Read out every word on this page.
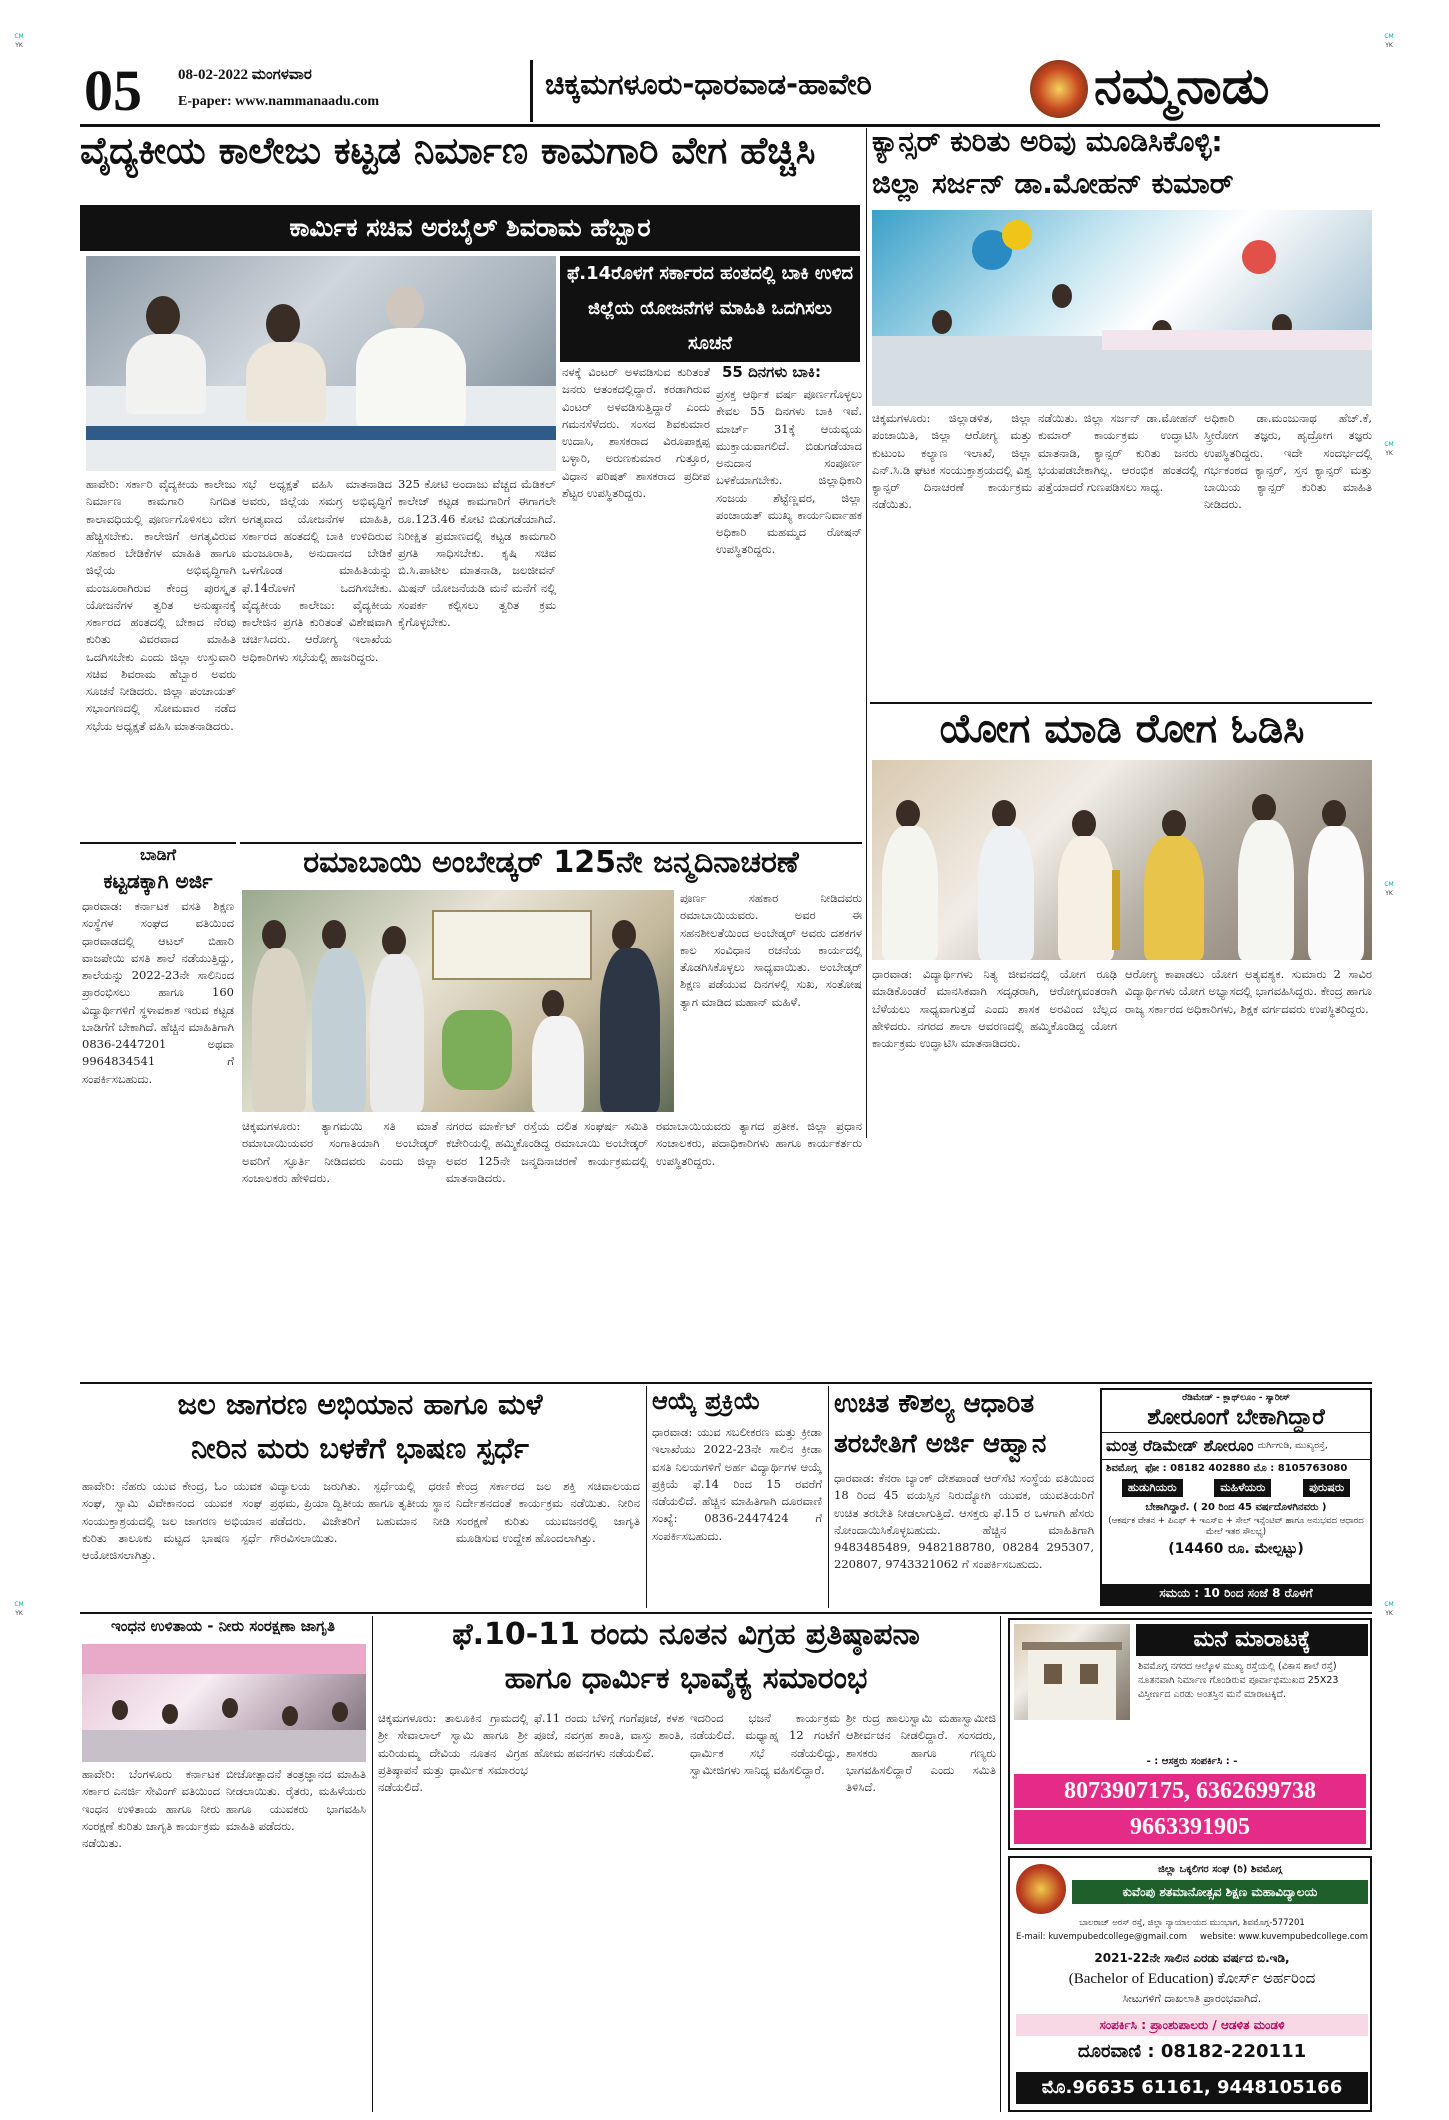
CM
YK
CM
YK
CM
YK
CM
YK
CM
YK
CM
YK
05 08-02-2022 ಮಂಗಳವಾರ
E-paper: www.nammanaadu.com
ಚಿಕ್ಕಮಗಳೂರು-ಧಾರವಾಡ-ಹಾವೇರಿ	ನಮ್ಮನಾಡು
ವೈದ್ಯಕೀಯ ಕಾಲೇಜು ಕಟ್ಟಡ ನಿರ್ಮಾಣ ಕಾಮಗಾರಿ ವೇಗ ಹೆಚ್ಚಿಸಿ
ಕಾರ್ಮಿಕ ಸಚಿವ ಅರಬೈಲ್ ಶಿವರಾಮ ಹೆಬ್ಬಾರ
ಫೆ.14ರೊಳಗೆ ಸರ್ಕಾರದ ಹಂತದಲ್ಲಿ ಬಾಕಿ ಉಳಿದ ಜಿಲ್ಲೆಯ ಯೋಜನೆಗಳ ಮಾಹಿತಿ ಒದಗಿಸಲು ಸೂಚನೆ
ನಳಕ್ಕೆ ವಿಂಟರ್ ಅಳವಡಿಸುವ ಕುರಿತಂತೆ ಜನರು ಆತಂಕದಲ್ಲಿದ್ದಾರೆ. ಕರಡಾಗಿರುವ ವಿಂಟರ್ ಅಳವಡಿಸುತ್ತಿದ್ದಾರೆ ಎಂದು ಗಮನಸೆಳೆದರು. ಸಂಸದ ಶಿವಕುಮಾರ ಉದಾಸಿ, ಶಾಸಕರಾದ ವಿರೂಪಾಕ್ಷಪ್ಪ ಬಳ್ಳಾರಿ, ಅರುಣಕುಮಾರ ಗುತ್ತೂರ, ವಿಧಾನ ಪರಿಷತ್ ಶಾಸಕರಾದ ಪ್ರದೀಪ ಶೆಟ್ಟರ ಉಪಸ್ಥಿತರಿದ್ದರು.
55 ದಿನಗಳು ಬಾಕಿ:
ಪ್ರಸಕ್ತ ಆರ್ಥಿಕ ವರ್ಷ ಪೂರ್ಣಗೊಳ್ಳಲು ಕೇವಲ 55 ದಿನಗಳು ಬಾಕಿ ಇವೆ. ಮಾರ್ಚ್ 31ಕ್ಕೆ ಆಯವ್ಯಯ ಮುಕ್ತಾಯವಾಗಲಿದೆ. ಬಿಡುಗಡೆಯಾದ ಅನುದಾನ ಸಂಪೂರ್ಣ ಬಳಕೆಯಾಗಬೇಕು. ಜಿಲ್ಲಾಧಿಕಾರಿ ಸಂಜಯ ಶೆಟ್ಟೆಣ್ಣವರ, ಜಿಲ್ಲಾ ಪಂಚಾಯತ್ ಮುಖ್ಯ ಕಾರ್ಯನಿರ್ವಾಹಕ ಅಧಿಕಾರಿ ಮಹಮ್ಮದ ರೋಷನ್ ಉಪಸ್ಥಿತರಿದ್ದರು.
ಹಾವೇರಿ: ಸರ್ಕಾರಿ ವೈದ್ಯಕೀಯ ಕಾಲೇಜು ನಿರ್ಮಾಣ ಕಾಮಗಾರಿ ನಿಗದಿತ ಕಾಲಾವಧಿಯಲ್ಲಿ ಪೂರ್ಣಗೊಳಿಸಲು ವೇಗ ಹೆಚ್ಚಿಸಬೇಕು. ಕಾಲೇಜಿಗೆ ಅಗತ್ಯವಿರುವ ಸಹಕಾರ ಬೇಡಿಕೆಗಳ ಮಾಹಿತಿ ಹಾಗೂ ಜಿಲ್ಲೆಯ ಅಭಿವೃದ್ಧಿಗಾಗಿ ಮಂಜೂರಾಗಿರುವ ಕೇಂದ್ರ ಪುರಸ್ಕೃತ ಯೋಜನೆಗಳ ತ್ವರಿತ ಅನುಷ್ಠಾನಕ್ಕೆ ಸರ್ಕಾರದ ಹಂತದಲ್ಲಿ ಬೇಕಾದ ನೆರವು ಕುರಿತು ವಿವರವಾದ ಮಾಹಿತಿ ಒದಗಿಸಬೇಕು ಎಂದು ಜಿಲ್ಲಾ ಉಸ್ತುವಾರಿ ಸಚಿವ ಶಿವರಾಮ ಹೆಬ್ಬಾರ ಅವರು ಸೂಚನೆ ನೀಡಿದರು. ಜಿಲ್ಲಾ ಪಂಚಾಯತ್ ಸಭಾಂಗಣದಲ್ಲಿ ಸೋಮವಾರ ನಡೆದ ಸಭೆಯ ಅಧ್ಯಕ್ಷತೆ ವಹಿಸಿ ಮಾತನಾಡಿದರು.
ಸಭೆ ಅಧ್ಯಕ್ಷತೆ ವಹಿಸಿ ಮಾತನಾಡಿದ ಅವರು, ಜಿಲ್ಲೆಯ ಸಮಗ್ರ ಅಭಿವೃದ್ಧಿಗೆ ಅಗತ್ಯವಾದ ಯೋಜನೆಗಳ ಮಾಹಿತಿ, ಸರ್ಕಾರದ ಹಂತದಲ್ಲಿ ಬಾಕಿ ಉಳಿದಿರುವ ಮಂಜೂರಾತಿ, ಅನುದಾನದ ಬೇಡಿಕೆ ಒಳಗೊಂಡ ಮಾಹಿತಿಯನ್ನು ಫೆ.14ರೊಳಗೆ ಒದಗಿಸಬೇಕು. ವೈದ್ಯಕೀಯ ಕಾಲೇಜು: ವೈದ್ಯಕೀಯ ಕಾಲೇಜಿನ ಪ್ರಗತಿ ಕುರಿತಂತೆ ವಿಶೇಷವಾಗಿ ಚರ್ಚಿಸಿದರು. ಆರೋಗ್ಯ ಇಲಾಖೆಯ ಅಧಿಕಾರಿಗಳು ಸಭೆಯಲ್ಲಿ ಹಾಜರಿದ್ದರು.
325 ಕೋಟಿ ಅಂದಾಜು ವೆಚ್ಚದ ಮೆಡಿಕಲ್ ಕಾಲೇಜ್ ಕಟ್ಟಡ ಕಾಮಗಾರಿಗೆ ಈಗಾಗಲೇ ರೂ.123.46 ಕೋಟಿ ಬಿಡುಗಡೆಯಾಗಿದೆ. ನಿರೀಕ್ಷಿತ ಪ್ರಮಾಣದಲ್ಲಿ ಕಟ್ಟಡ ಕಾಮಗಾರಿ ಪ್ರಗತಿ ಸಾಧಿಸಬೇಕು. ಕೃಷಿ ಸಚಿವ ಬಿ.ಸಿ.ಪಾಟೀಲ ಮಾತನಾಡಿ, ಜಲಜೀವನ್ ಮಿಷನ್ ಯೋಜನೆಯಡಿ ಮನೆ ಮನೆಗೆ ನಲ್ಲಿ ಸಂಪರ್ಕ ಕಲ್ಪಿಸಲು ತ್ವರಿತ ಕ್ರಮ ಕೈಗೊಳ್ಳಬೇಕು.
ಕ್ಯಾನ್ಸರ್ ಕುರಿತು ಅರಿವು ಮೂಡಿಸಿಕೊಳ್ಳಿ:
ಜಿಲ್ಲಾ ಸರ್ಜನ್ ಡಾ.ಮೋಹನ್ ಕುಮಾರ್
ಚಿಕ್ಕಮಗಳೂರು: ಜಿಲ್ಲಾಡಳಿತ, ಜಿಲ್ಲಾ ಪಂಚಾಯಿತಿ, ಜಿಲ್ಲಾ ಆರೋಗ್ಯ ಮತ್ತು ಕುಟುಂಬ ಕಲ್ಯಾಣ ಇಲಾಖೆ, ಜಿಲ್ಲಾ ಎನ್.ಸಿ.ಡಿ ಘಟಕ ಸಂಯುಕ್ತಾಶ್ರಯದಲ್ಲಿ ವಿಶ್ವ ಕ್ಯಾನ್ಸರ್ ದಿನಾಚರಣೆ ಕಾರ್ಯಕ್ರಮ ನಡೆಯಿತು.
ನಡೆಯಿತು. ಜಿಲ್ಲಾ ಸರ್ಜನ್ ಡಾ.ಮೋಹನ್ ಕುಮಾರ್ ಕಾರ್ಯಕ್ರಮ ಉದ್ಘಾಟಿಸಿ ಮಾತನಾಡಿ, ಕ್ಯಾನ್ಸರ್ ಕುರಿತು ಜನರು ಭಯಪಡಬೇಕಾಗಿಲ್ಲ. ಆರಂಭಿಕ ಹಂತದಲ್ಲಿ ಪತ್ತೆಯಾದರೆ ಗುಣಪಡಿಸಲು ಸಾಧ್ಯ.
ಅಧಿಕಾರಿ ಡಾ.ಮಂಜುನಾಥ ಹೆಚ್.ಕೆ, ಸ್ತ್ರೀರೋಗ ತಜ್ಞರು, ಹೃದ್ರೋಗ ತಜ್ಞರು ಉಪಸ್ಥಿತರಿದ್ದರು. ಇದೇ ಸಂದರ್ಭದಲ್ಲಿ ಗರ್ಭಕಂಠದ ಕ್ಯಾನ್ಸರ್, ಸ್ತನ ಕ್ಯಾನ್ಸರ್ ಮತ್ತು ಬಾಯಿಯ ಕ್ಯಾನ್ಸರ್ ಕುರಿತು ಮಾಹಿತಿ ನೀಡಿದರು.
ಯೋಗ ಮಾಡಿ ರೋಗ ಓಡಿಸಿ
ಧಾರವಾಡ: ವಿದ್ಯಾರ್ಥಿಗಳು ನಿತ್ಯ ಜೀವನದಲ್ಲಿ ಯೋಗ ರೂಢಿ ಮಾಡಿಕೊಂಡರೆ ಮಾನಸಿಕವಾಗಿ ಸದೃಢರಾಗಿ, ಆರೋಗ್ಯವಂತರಾಗಿ ಬೆಳೆಯಲು ಸಾಧ್ಯವಾಗುತ್ತದೆ ಎಂದು ಶಾಸಕ ಅರವಿಂದ ಬೆಲ್ಲದ ಹೇಳಿದರು. ನಗರದ ಶಾಲಾ ಆವರಣದಲ್ಲಿ ಹಮ್ಮಿಕೊಂಡಿದ್ದ ಯೋಗ ಕಾರ್ಯಕ್ರಮ ಉದ್ಘಾಟಿಸಿ ಮಾತನಾಡಿದರು.
ಆರೋಗ್ಯ ಕಾಪಾಡಲು ಯೋಗ ಅತ್ಯವಶ್ಯಕ. ಸುಮಾರು 2 ಸಾವಿರ ವಿದ್ಯಾರ್ಥಿಗಳು ಯೋಗ ಅಭ್ಯಾಸದಲ್ಲಿ ಭಾಗವಹಿಸಿದ್ದರು. ಕೇಂದ್ರ ಹಾಗೂ ರಾಜ್ಯ ಸರ್ಕಾರದ ಅಧಿಕಾರಿಗಳು, ಶಿಕ್ಷಕ ವರ್ಗದವರು ಉಪಸ್ಥಿತರಿದ್ದರು.
ಬಾಡಿಗೆ
ಕಟ್ಟಡಕ್ಕಾಗಿ ಅರ್ಜಿ
ಧಾರವಾಡ: ಕರ್ನಾಟಕ ವಸತಿ ಶಿಕ್ಷಣ ಸಂಸ್ಥೆಗಳ ಸಂಘದ ವತಿಯಿಂದ ಧಾರವಾಡದಲ್ಲಿ ಆಟಲ್ ಬಿಹಾರಿ ವಾಜಪೇಯಿ ವಸತಿ ಶಾಲೆ ನಡೆಯುತ್ತಿದ್ದು, ಶಾಲೆಯನ್ನು 2022-23ನೇ ಸಾಲಿನಿಂದ ಪ್ರಾರಂಭಿಸಲು ಹಾಗೂ 160 ವಿದ್ಯಾರ್ಥಿಗಳಿಗೆ ಸ್ಥಳಾವಕಾಶ ಇರುವ ಕಟ್ಟಡ ಬಾಡಿಗೆಗೆ ಬೇಕಾಗಿದೆ. ಹೆಚ್ಚಿನ ಮಾಹಿತಿಗಾಗಿ 0836-2447201 ಅಥವಾ 9964834541 ಗೆ ಸಂಪರ್ಕಿಸಬಹುದು.
ರಮಾಬಾಯಿ ಅಂಬೇಡ್ಕರ್ 125ನೇ ಜನ್ಮದಿನಾಚರಣೆ
ಪೂರ್ಣ ಸಹಕಾರ ನೀಡಿದವರು ರಮಾಬಾಯಿಯವರು. ಅವರ ಈ ಸಹನಶೀಲತೆಯಿಂದ ಅಂಬೇಡ್ಕರ್ ಅವರು ದಶಕಗಳ ಕಾಲ ಸಂವಿಧಾನ ರಚನೆಯ ಕಾರ್ಯದಲ್ಲಿ ತೊಡಗಿಸಿಕೊಳ್ಳಲು ಸಾಧ್ಯವಾಯಿತು. ಅಂಬೇಡ್ಕರ್ ಶಿಕ್ಷಣ ಪಡೆಯುವ ದಿನಗಳಲ್ಲಿ ಸುಖ, ಸಂತೋಷ ತ್ಯಾಗ ಮಾಡಿದ ಮಹಾನ್ ಮಹಿಳೆ.
ಚಿಕ್ಕಮಗಳೂರು: ತ್ಯಾಗಮಯಿ ಸತಿ ಮಾತೆ ರಮಾಬಾಯಿಯವರ ಸಂಗಾತಿಯಾಗಿ ಅಂಬೇಡ್ಕರ್ ಅವರಿಗೆ ಸ್ಫೂರ್ತಿ ನೀಡಿದವರು ಎಂದು ಜಿಲ್ಲಾ ಸಂಚಾಲಕರು ಹೇಳಿದರು.
ನಗರದ ಮಾರ್ಕೆಟ್ ರಸ್ತೆಯ ದಲಿತ ಸಂಘರ್ಷ ಸಮಿತಿ ಕಚೇರಿಯಲ್ಲಿ ಹಮ್ಮಿಕೊಂಡಿದ್ದ ರಮಾಬಾಯಿ ಅಂಬೇಡ್ಕರ್ ಅವರ 125ನೇ ಜನ್ಮದಿನಾಚರಣೆ ಕಾರ್ಯಕ್ರಮದಲ್ಲಿ ಮಾತನಾಡಿದರು.
ರಮಾಬಾಯಿಯವರು ತ್ಯಾಗದ ಪ್ರತೀಕ. ಜಿಲ್ಲಾ ಪ್ರಧಾನ ಸಂಚಾಲಕರು, ಪದಾಧಿಕಾರಿಗಳು ಹಾಗೂ ಕಾರ್ಯಕರ್ತರು ಉಪಸ್ಥಿತರಿದ್ದರು.
ಜಲ ಜಾಗರಣ ಅಭಿಯಾನ ಹಾಗೂ ಮಳೆ
ನೀರಿನ ಮರು ಬಳಕೆಗೆ ಭಾಷಣ ಸ್ಪರ್ಧೆ
ಹಾವೇರಿ: ನೆಹರು ಯುವ ಕೇಂದ್ರ, ಓಂ ಯುವಕ ಸಂಘ, ಸ್ವಾಮಿ ವಿವೇಕಾನಂದ ಯುವಕ ಸಂಘ ಸಂಯುಕ್ತಾಶ್ರಯದಲ್ಲಿ ಜಲ ಜಾಗರಣ ಅಭಿಯಾನ ಕುರಿತು ತಾಲೂಕು ಮಟ್ಟದ ಭಾಷಣ ಸ್ಪರ್ಧೆ ಆಯೋಜಿಸಲಾಗಿತ್ತು.
ವಿದ್ಯಾಲಯ ಜರುಗಿತು. ಸ್ಪರ್ಧೆಯಲ್ಲಿ ಧರಣಿ ಪ್ರಥಮ, ಪ್ರಿಯಾ ದ್ವಿತೀಯ ಹಾಗೂ ತೃತೀಯ ಸ್ಥಾನ ಪಡೆದರು. ವಿಜೇತರಿಗೆ ಬಹುಮಾನ ನೀಡಿ ಗೌರವಿಸಲಾಯಿತು.
ಕೇಂದ್ರ ಸರ್ಕಾರದ ಜಲ ಶಕ್ತಿ ಸಚಿವಾಲಯದ ನಿರ್ದೇಶನದಂತೆ ಕಾರ್ಯಕ್ರಮ ನಡೆಯಿತು. ನೀರಿನ ಸಂರಕ್ಷಣೆ ಕುರಿತು ಯುವಜನರಲ್ಲಿ ಜಾಗೃತಿ ಮೂಡಿಸುವ ಉದ್ದೇಶ ಹೊಂದಲಾಗಿತ್ತು.
ಆಯ್ಕೆ ಪ್ರಕ್ರಿಯೆ
ಧಾರವಾಡ: ಯುವ ಸಬಲೀಕರಣ ಮತ್ತು ಕ್ರೀಡಾ ಇಲಾಖೆಯು 2022-23ನೇ ಸಾಲಿನ ಕ್ರೀಡಾ ವಸತಿ ನಿಲಯಗಳಿಗೆ ಅರ್ಹ ವಿದ್ಯಾರ್ಥಿಗಳ ಆಯ್ಕೆ ಪ್ರಕ್ರಿಯೆ ಫೆ.14 ರಿಂದ 15 ರವರೆಗೆ ನಡೆಯಲಿದೆ. ಹೆಚ್ಚಿನ ಮಾಹಿತಿಗಾಗಿ ದೂರವಾಣಿ ಸಂಖ್ಯೆ: 0836-2447424 ಗೆ ಸಂಪರ್ಕಿಸಬಹುದು.
ಉಚಿತ ಕೌಶಲ್ಯ ಆಧಾರಿತ
ತರಬೇತಿಗೆ ಅರ್ಜಿ ಆಹ್ವಾನ
ಧಾರವಾಡ: ಕೆನರಾ ಬ್ಯಾಂಕ್ ದೇಶಪಾಂಡೆ ಆರ್‌ಸೆಟಿ ಸಂಸ್ಥೆಯ ವತಿಯಿಂದ 18 ರಿಂದ 45 ವಯಸ್ಸಿನ ನಿರುದ್ಯೋಗಿ ಯುವಕ, ಯುವತಿಯರಿಗೆ ಉಚಿತ ತರಬೇತಿ ನೀಡಲಾಗುತ್ತಿದೆ. ಆಸಕ್ತರು ಫೆ.15 ರ ಒಳಗಾಗಿ ಹೆಸರು ನೋಂದಾಯಿಸಿಕೊಳ್ಳಬಹುದು. ಹೆಚ್ಚಿನ ಮಾಹಿತಿಗಾಗಿ 9483485489, 9482188780, 08284 295307, 220807, 9743321062 ಗೆ ಸಂಪರ್ಕಿಸಬಹುದು.
ರೆಡಿಮೇಡ್ - ಕ್ಲಾಥ್‌ಲೂಂ - ಸ್ಯಾರೀಸ್
ಶೋರೂಂಗೆ ಬೇಕಾಗಿದ್ದಾರೆ
ಮಂತ್ರ ರೆಡಿಮೇಡ್ ಶೋರೂಂ ದುರ್ಗಿಗುಡಿ, ಮುಖ್ಯರಸ್ತೆ,
ಶಿವಮೊಗ್ಗ ಫೋ : 08182 402880 ಮೊ : 8105763080
ಹುಡುಗಿಯರು	ಮಹಿಳೆಯರು	ಪುರುಷರು
ಬೇಕಾಗಿದ್ದಾರೆ. ( 20 ರಿಂದ 45 ವರ್ಷದೊಳಗಿನವರು )
(ಆಕರ್ಷಕ ವೇತನ + ಪಿಎಫ್ + ಇಎಸ್ಐ + ಸೇಲ್ ಇನ್ಸೆಂಟಿವ್ ಹಾಗೂ ಅನುಭವದ ಆಧಾರದ ಮೇಲೆ ಇತರ ಸೌಲಭ್ಯ)
(14460 ರೂ. ಮೇಲ್ಪಟ್ಟು)
ಸಮಯ : 10 ರಿಂದ ಸಂಜೆ 8 ರೊಳಗೆ
ಇಂಧನ ಉಳಿತಾಯ - ನೀರು ಸಂರಕ್ಷಣಾ ಜಾಗೃತಿ
ಹಾವೇರಿ: ಬೆಂಗಳೂರು ಕರ್ನಾಟಕ ಸರ್ಕಾರ ಎನರ್ಜಿ ಸೇವಿಂಗ್ ವತಿಯಿಂದ ಇಂಧನ ಉಳಿತಾಯ ಹಾಗೂ ನೀರು ಸಂರಕ್ಷಣೆ ಕುರಿತು ಜಾಗೃತಿ ಕಾರ್ಯಕ್ರಮ ನಡೆಯಿತು.
ಬೀಜೋತ್ಪಾದನೆ ತಂತ್ರಜ್ಞಾನದ ಮಾಹಿತಿ ನೀಡಲಾಯಿತು. ರೈತರು, ಮಹಿಳೆಯರು ಹಾಗೂ ಯುವಕರು ಭಾಗವಹಿಸಿ ಮಾಹಿತಿ ಪಡೆದರು.
ಫೆ.10-11 ರಂದು ನೂತನ ವಿಗ್ರಹ ಪ್ರತಿಷ್ಠಾಪನಾ
ಹಾಗೂ ಧಾರ್ಮಿಕ ಭಾವೈಕ್ಯ ಸಮಾರಂಭ
ಚಿಕ್ಕಮಗಳೂರು: ತಾಲೂಕಿನ ಗ್ರಾಮದಲ್ಲಿ ಶ್ರೀ ಸೇವಾಲಾಲ್ ಸ್ವಾಮಿ ಹಾಗೂ ಶ್ರೀ ಮರಿಯಮ್ಮ ದೇವಿಯ ನೂತನ ವಿಗ್ರಹ ಪ್ರತಿಷ್ಠಾಪನೆ ಮತ್ತು ಧಾರ್ಮಿಕ ಸಮಾರಂಭ ನಡೆಯಲಿದೆ.
ಫೆ.11 ರಂದು ಬೆಳಿಗ್ಗೆ ಗಂಗೆಪೂಜೆ, ಕಳಶ ಪೂಜೆ, ನವಗ್ರಹ ಶಾಂತಿ, ವಾಸ್ತು ಶಾಂತಿ, ಹೋಮ ಹವನಗಳು ನಡೆಯಲಿವೆ.
ಇದರಿಂದ ಭಜನೆ ಕಾರ್ಯಕ್ರಮ ನಡೆಯಲಿದೆ. ಮಧ್ಯಾಹ್ನ 12 ಗಂಟೆಗೆ ಧಾರ್ಮಿಕ ಸಭೆ ನಡೆಯಲಿದ್ದು, ಸ್ವಾಮೀಜಿಗಳು ಸಾನಿಧ್ಯ ವಹಿಸಲಿದ್ದಾರೆ.
ಶ್ರೀ ರುದ್ರ ಹಾಲುಸ್ವಾಮಿ ಮಹಾಸ್ವಾಮೀಜಿ ಆಶೀರ್ವಚನ ನೀಡಲಿದ್ದಾರೆ. ಸಂಸದರು, ಶಾಸಕರು ಹಾಗೂ ಗಣ್ಯರು ಭಾಗವಹಿಸಲಿದ್ದಾರೆ ಎಂದು ಸಮಿತಿ ತಿಳಿಸಿದೆ.
ಮನೆ ಮಾರಾಟಕ್ಕೆ
ಶಿವಮೊಗ್ಗ ನಗರದ ಆಲ್ಕೊಳ ಮುಖ್ಯ ರಸ್ತೆಯಲ್ಲಿ (ವಿಕಾಸ ಶಾಲೆ ರಸ್ತೆ) ನೂತನವಾಗಿ ನಿರ್ಮಾಣ ಗೊಂಡಿರುವ ಪೂರ್ವಾಭಿಮುಖದ 25X23 ವಿಸ್ತೀರ್ಣದ ಎರಡು ಅಂತಸ್ತಿನ ಮನೆ ಮಾರಾಟಕ್ಕಿದೆ.
- : ಆಸಕ್ತರು ಸಂಪರ್ಕಿಸಿ : -
8073907175, 6362699738
9663391905
ಜಿಲ್ಲಾ ಒಕ್ಕಲಿಗರ ಸಂಘ (ರಿ) ಶಿವಮೊಗ್ಗ
ಕುವೆಂಪು ಶತಮಾನೋತ್ಸವ ಶಿಕ್ಷಣ ಮಹಾವಿದ್ಯಾಲಯ
ಬಾಲರಾಜ್ ಅರಸ್ ರಸ್ತೆ, ಜಿಲ್ಲಾ ನ್ಯಾಯಾಲಯದ ಮುಂಭಾಗ, ಶಿವಮೊಗ್ಗ-577201
E-mail: kuvempubedcollege@gmail.com website: www.kuvempubedcollege.com
2021-22ನೇ ಸಾಲಿನ ಎರಡು ವರ್ಷದ ಬಿ.ಇಡಿ,
(Bachelor of Education) ಕೋರ್ಸ್ ಅರ್ಹರಿಂದ
ಸೀಟುಗಳಿಗೆ ದಾಖಲಾತಿ ಪ್ರಾರಂಭವಾಗಿದೆ.
ಸಂಪರ್ಕಿಸಿ : ಪ್ರಾಂಶುಪಾಲರು / ಆಡಳಿತ ಮಂಡಳಿ
ದೂರವಾಣಿ : 08182-220111
ಮೊ.96635 61161, 9448105166
